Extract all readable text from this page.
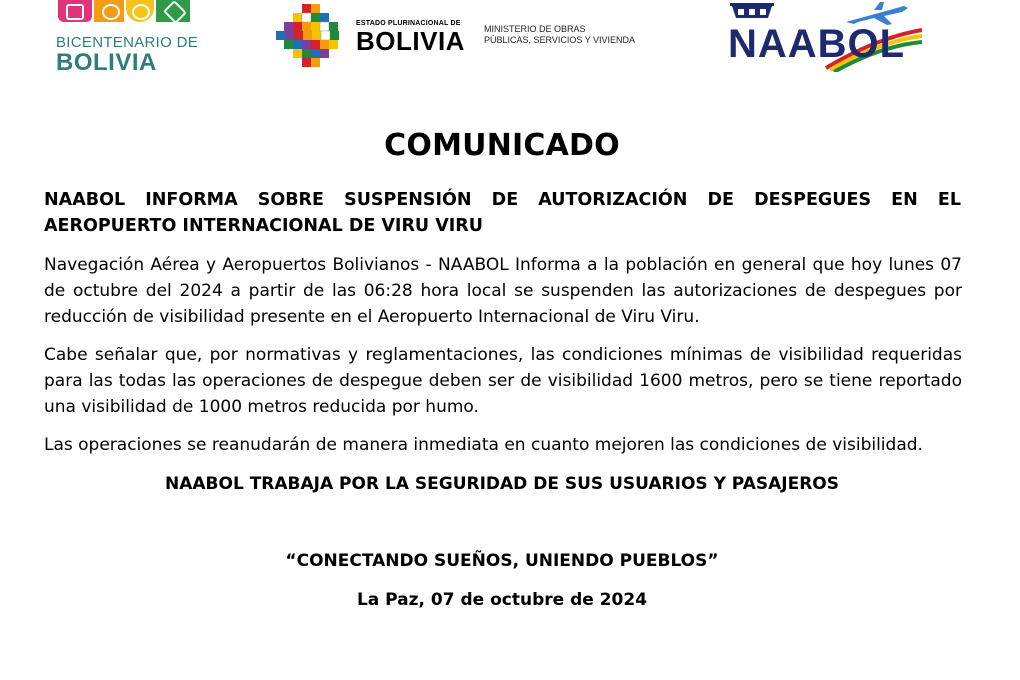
BICENTENARIO DE
BOLIVIA
ESTADO PLURINACIONAL DE
BOLIVIA MINISTERIO DE OBRAS
PÚBLICAS, SERVICIOS Y VIVIENDA NAABOL
COMUNICADO
NAABOL INFORMA SOBRE SUSPENSIÓN DE AUTORIZACIÓN DE DESPEGUES EN EL AEROPUERTO INTERNACIONAL DE VIRU VIRU
Navegación Aérea y Aeropuertos Bolivianos - NAABOL Informa a la población en general que hoy lunes 07 de octubre del 2024 a partir de las 06:28 hora local se suspenden las autorizaciones de despegues por reducción de visibilidad presente en el Aeropuerto Internacional de Viru Viru.
Cabe señalar que, por normativas y reglamentaciones, las condiciones mínimas de visibilidad requeridas para las todas las operaciones de despegue deben ser de visibilidad 1600 metros, pero se tiene reportado una visibilidad de 1000 metros reducida por humo.
Las operaciones se reanudarán de manera inmediata en cuanto mejoren las condiciones de visibilidad.
NAABOL TRABAJA POR LA SEGURIDAD DE SUS USUARIOS Y PASAJEROS
“CONECTANDO SUEÑOS, UNIENDO PUEBLOS”
La Paz, 07 de octubre de 2024
